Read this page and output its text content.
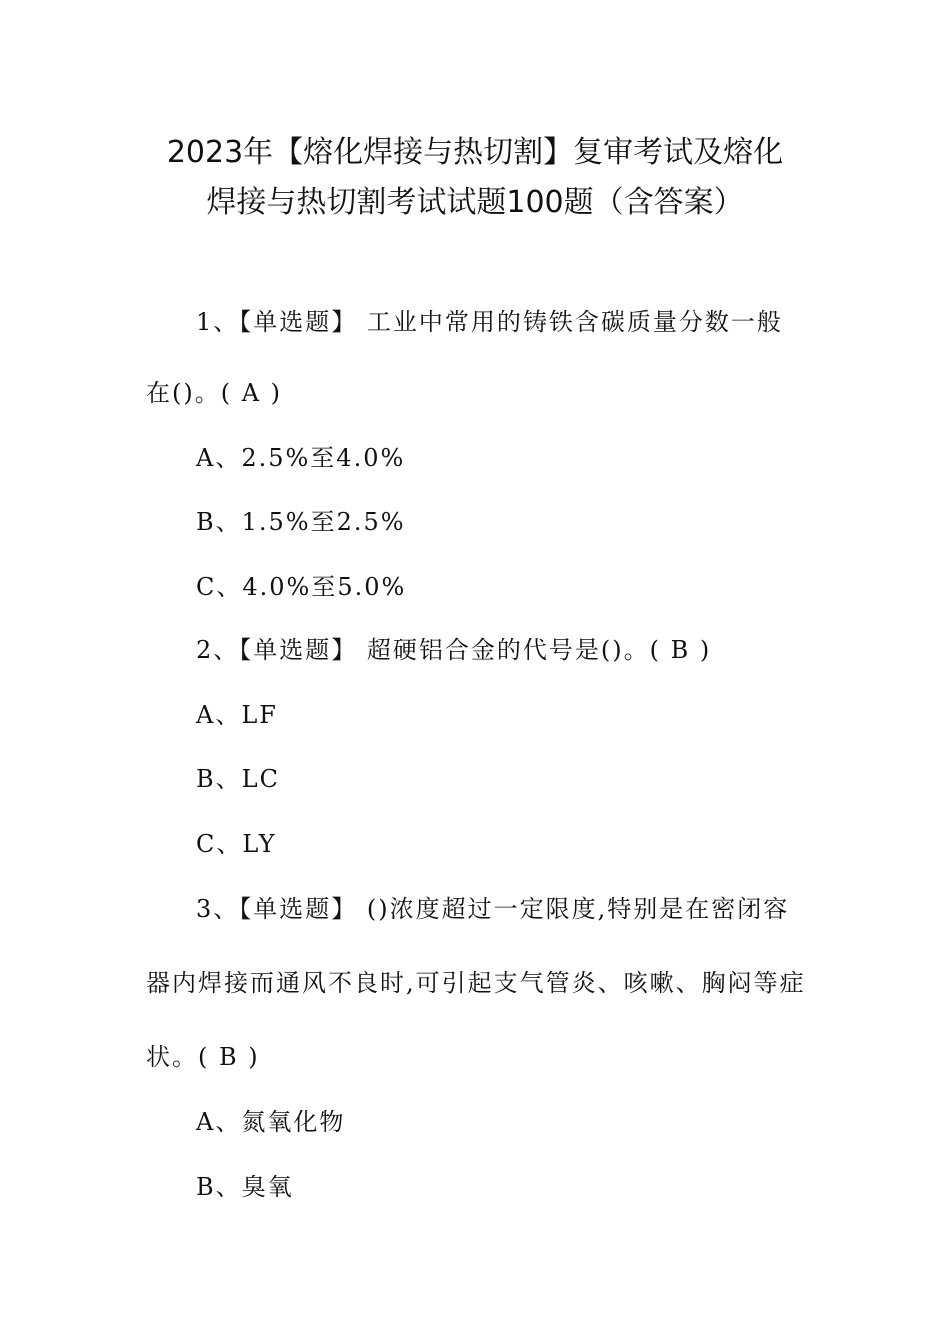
2023年【熔化焊接与热切割】复审考试及熔化
焊接与热切割考试试题100题（含答案）
1、【单选题】 工业中常用的铸铁含碳质量分数一般
在()。( A )
A、2.5%至4.0%
B、1.5%至2.5%
C、4.0%至5.0%
2、【单选题】 超硬铝合金的代号是()。( B )
A、LF
B、LC
C、LY
3、【单选题】 ()浓度超过一定限度,特别是在密闭容
器内焊接而通风不良时,可引起支气管炎、咳嗽、胸闷等症
状。( B )
A、氮氧化物
B、臭氧
